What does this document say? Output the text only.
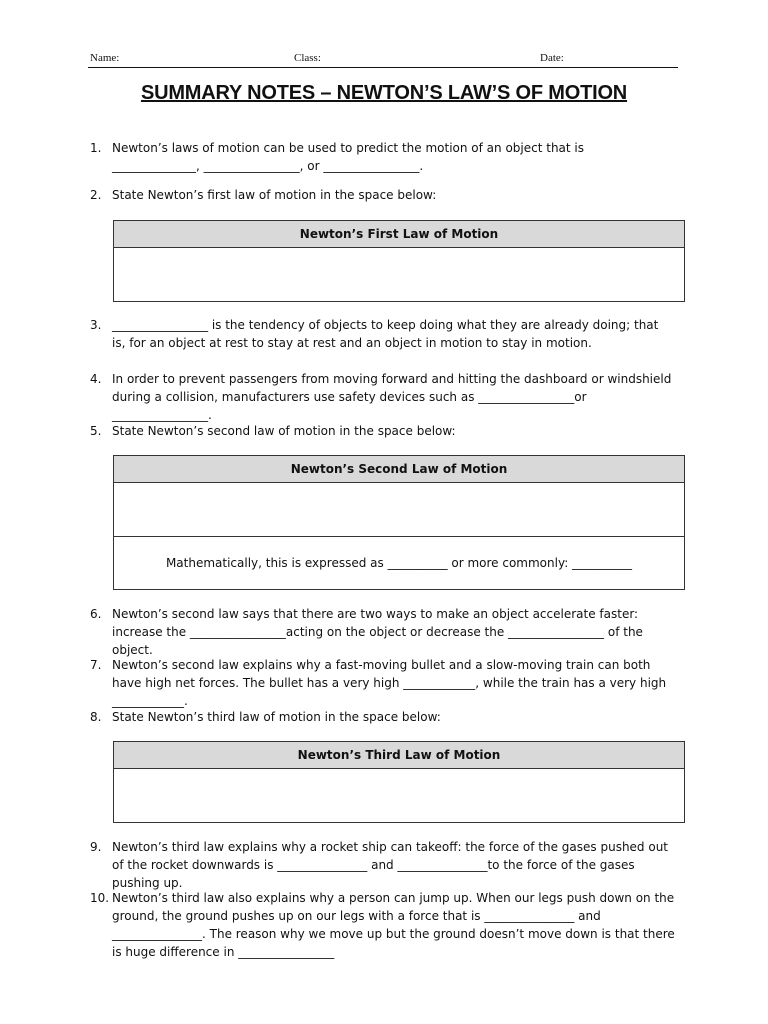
Name:	Class:	Date:
SUMMARY NOTES – NEWTON’S LAW’S OF MOTION
1. Newton’s laws of motion can be used to predict the motion of an object that is ______________, ________________, or ________________.
2. State Newton’s first law of motion in the space below:
Newton’s First Law of Motion
3. ________________ is the tendency of objects to keep doing what they are already doing; that is, for an object at rest to stay at rest and an object in motion to stay in motion.
4. In order to prevent passengers from moving forward and hitting the dashboard or windshield during a collision, manufacturers use safety devices such as ________________or ________________.
5. State Newton’s second law of motion in the space below:
Newton’s Second Law of Motion
Mathematically, this is expressed as __________ or more commonly: __________
6. Newton’s second law says that there are two ways to make an object accelerate faster: increase the ________________acting on the object or decrease the ________________ of the object.
7. Newton’s second law explains why a fast-moving bullet and a slow-moving train can both have high net forces. The bullet has a very high ____________, while the train has a very high ____________.
8. State Newton’s third law of motion in the space below:
Newton’s Third Law of Motion
9. Newton’s third law explains why a rocket ship can takeoff: the force of the gases pushed out of the rocket downwards is _______________ and _______________to the force of the gases pushing up.
10. Newton’s third law also explains why a person can jump up. When our legs push down on the ground, the ground pushes up on our legs with a force that is _______________ and _______________. The reason why we move up but the ground doesn’t move down is that there is huge difference in ________________
